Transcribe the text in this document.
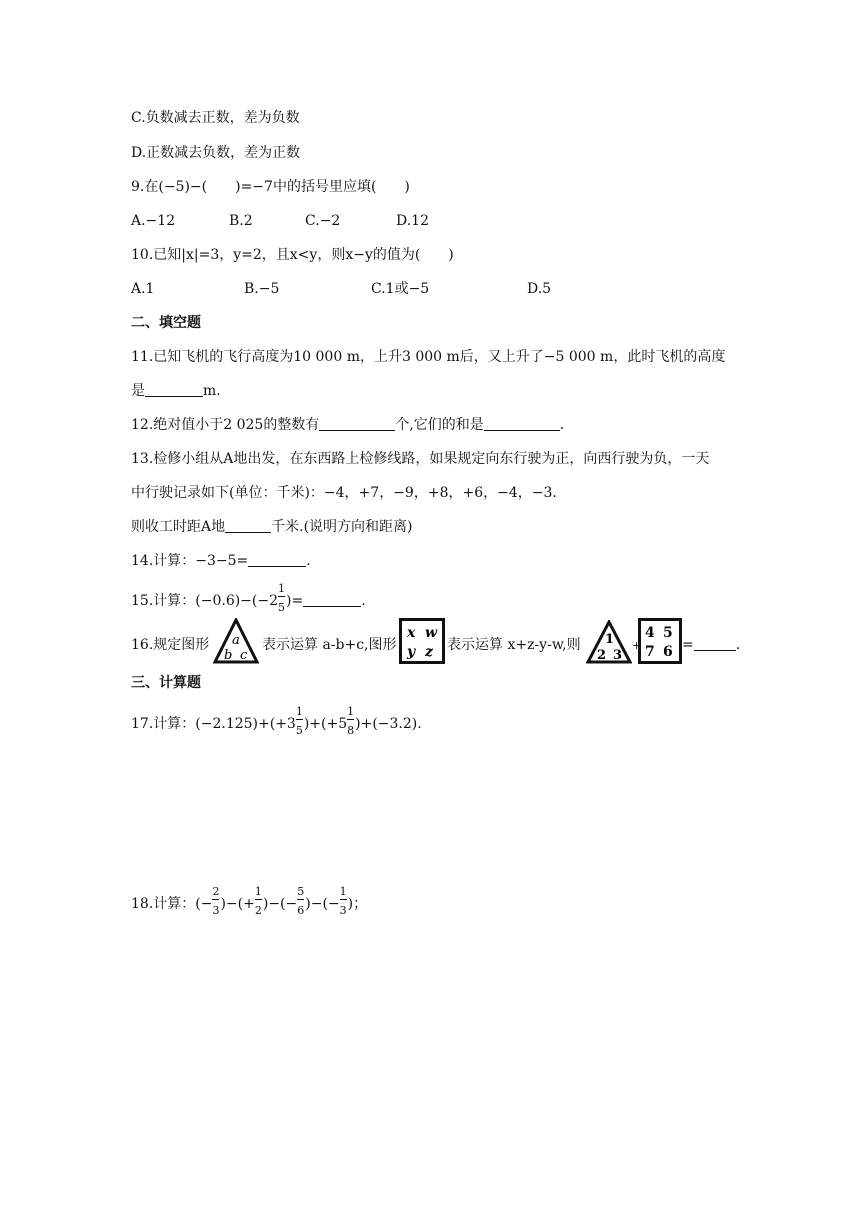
C.负数减去正数，差为负数
D.正数减去负数，差为正数
9.在(−5)−(　　)=−7中的括号里应填(　　)
A.−12	B.2	C.−2	D.12
10.已知|x|=3，y=2，且x<y，则x−y的值为(　　)
A.1	B.−5	C.1或−5	D.5
二、填空题
11.已知飞机的飞行高度为10 000 m，上升3 000 m后，又上升了−5 000 m，此时飞机的高度
是	m.
12.绝对值小于2 025的整数有	个,它们的和是	.
13.检修小组从A地出发，在东西路上检修线路，如果规定向东行驶为正，向西行驶为负，一天
中行驶记录如下(单位：千米)：−4，+7，−9，+8，+6，−4，−3.
则收工时距A地	千米.(说明方向和距离)
14.计算：−3−5=	.
15.计算：$(-0.6)-(-2 \frac{1}{5}$ )=	.
16.规定图形 a
b c
表示运算 a-b+c,图形
x w
y z 表示运算 x+z-y-w,则 1
2 3
+
4 5
7 6 =	.
三、计算题
17.计算：$(-2.125)+(+3 \frac{1}{5} )+(+5 \frac{1}{8} )+(-3.2)$.
18.计算：(− $\frac{2}{3}$ )−(+ $\frac{1}{2}$ )−(− $\frac{5}{6}$ )−(− $\frac{1}{3}$ )；
